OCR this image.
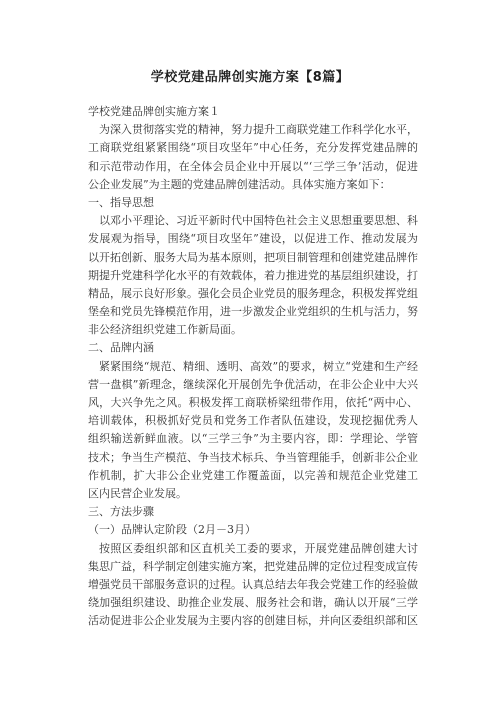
学校党建品牌创实施方案【8篇】
学校党建品牌创实施方案１
为深入贯彻落实党的精神，努力提升工商联党建工作科学化水平，
工商联党组紧紧围绕“项目攻坚年”中心任务，充分发挥党建品牌的
和示范带动作用，在全体会员企业中开展以“‘三学三争’活动，促进
公企业发展”为主题的党建品牌创建活动。具体实施方案如下：
一、指导思想
以邓小平理论、习近平新时代中国特色社会主义思想重要思想、科
发展观为指导，围绕“项目攻坚年”建设，以促进工作、推动发展为
以开拓创新、服务大局为基本原则，把项目制管理和创建党建品牌作
期提升党建科学化水平的有效载体，着力推进党的基层组织建设，打
精品，展示良好形象。强化会员企业党员的服务理念，积极发挥党组
堡垒和党员先锋模范作用，进一步激发企业党组织的生机与活力，努
非公经济组织党建工作新局面。
二、品牌内涵
紧紧围绕“规范、精细、透明、高效”的要求，树立“党建和生产经
营一盘棋”新理念，继续深化开展创先争优活动，在非公企业中大兴
风，大兴争先之风。积极发挥工商联桥梁纽带作用，依托“两中心、
培训载体，积极抓好党员和党务工作者队伍建设，发现挖掘优秀人
组织输送新鲜血液。以“三学三争”为主要内容，即：学理论、学管
技术；争当生产模范、争当技术标兵、争当管理能手，创新非公企业
作机制，扩大非公企业党建工作覆盖面，以完善和规范企业党建工
区内民营企业发展。
三、方法步骤
（一）品牌认定阶段（2月－3月）
按照区委组织部和区直机关工委的要求，开展党建品牌创建大讨
集思广益，科学制定创建实施方案，把党建品牌的定位过程变成宣传
增强党员干部服务意识的过程。认真总结去年我会党建工作的经验做
绕加强组织建设、助推企业发展、服务社会和谐，确认以开展“三学
活动促进非公企业发展为主要内容的创建目标，并向区委组织部和区
